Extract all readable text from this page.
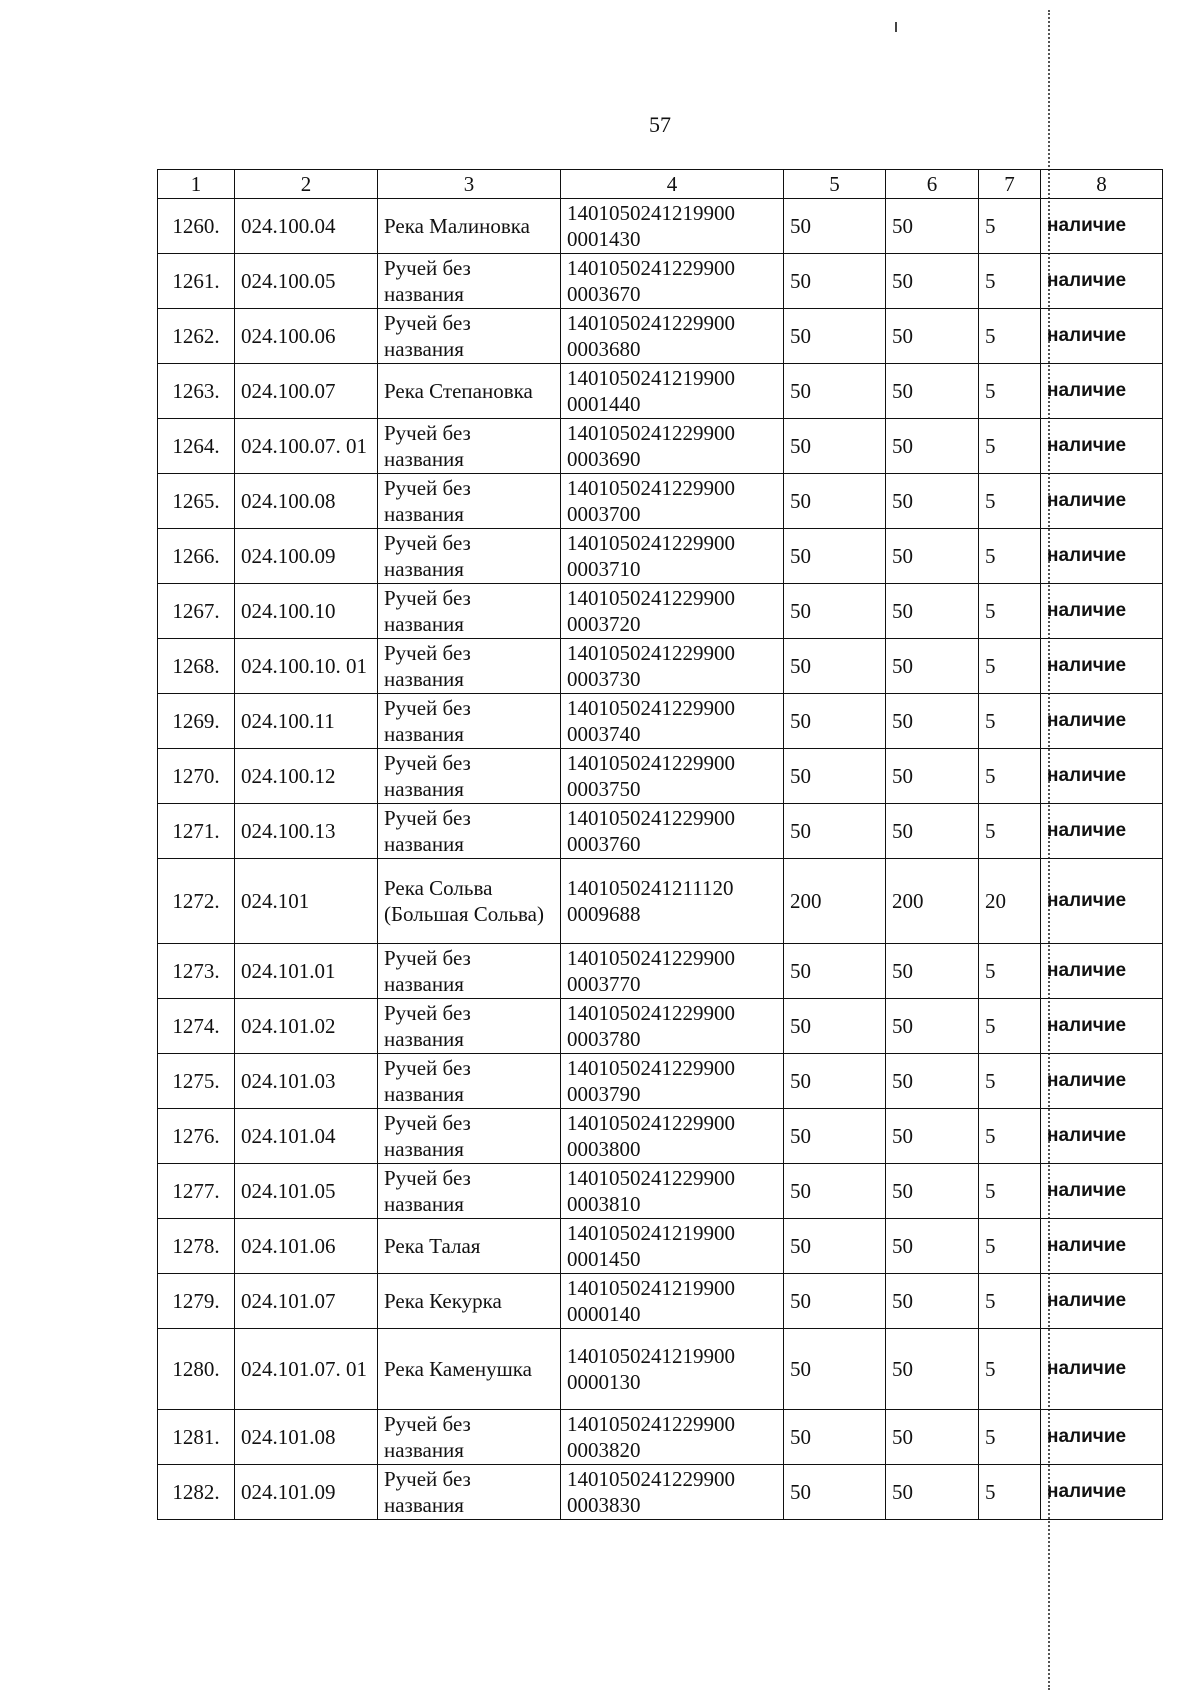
57
1	2	3	4	5	6	7	8
1260.	024.100.04	Река Малиновка	1401050241219900 0001430	50	50	5	наличие
1261.	024.100.05	Ручей без названия	1401050241229900 0003670	50	50	5	наличие
1262.	024.100.06	Ручей без названия	1401050241229900 0003680	50	50	5	наличие
1263.	024.100.07	Река Степановка	1401050241219900 0001440	50	50	5	наличие
1264.	024.100.07. 01	Ручей без названия	1401050241229900 0003690	50	50	5	наличие
1265.	024.100.08	Ручей без названия	1401050241229900 0003700	50	50	5	наличие
1266.	024.100.09	Ручей без названия	1401050241229900 0003710	50	50	5	наличие
1267.	024.100.10	Ручей без названия	1401050241229900 0003720	50	50	5	наличие
1268.	024.100.10. 01	Ручей без названия	1401050241229900 0003730	50	50	5	наличие
1269.	024.100.11	Ручей без названия	1401050241229900 0003740	50	50	5	наличие
1270.	024.100.12	Ручей без названия	1401050241229900 0003750	50	50	5	наличие
1271.	024.100.13	Ручей без названия	1401050241229900 0003760	50	50	5	наличие
1272.	024.101	Река Сольва (Большая Сольва)	1401050241211120 0009688	200	200	20	наличие
1273.	024.101.01	Ручей без названия	1401050241229900 0003770	50	50	5	наличие
1274.	024.101.02	Ручей без названия	1401050241229900 0003780	50	50	5	наличие
1275.	024.101.03	Ручей без названия	1401050241229900 0003790	50	50	5	наличие
1276.	024.101.04	Ручей без названия	1401050241229900 0003800	50	50	5	наличие
1277.	024.101.05	Ручей без названия	1401050241229900 0003810	50	50	5	наличие
1278.	024.101.06	Река Талая	1401050241219900 0001450	50	50	5	наличие
1279.	024.101.07	Река Кекурка	1401050241219900 0000140	50	50	5	наличие
1280.	024.101.07. 01	Река Каменушка	1401050241219900 0000130	50	50	5	наличие
1281.	024.101.08	Ручей без названия	1401050241229900 0003820	50	50	5	наличие
1282.	024.101.09	Ручей без названия	1401050241229900 0003830	50	50	5	наличие
